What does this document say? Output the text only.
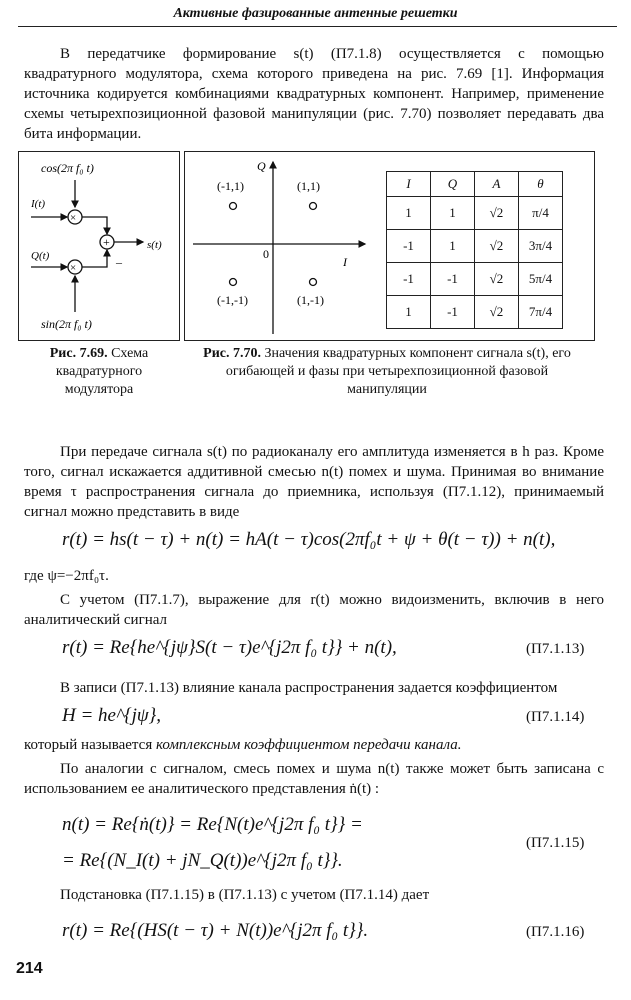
Активные фазированные антенные решетки

В передатчике формирование s(t) (П7.1.8) осуществляется с помощью квадратурного модулятора, схема которого приведена на рис. 7.69 [1]. Информация источника кодируется комбинациями квадратурных компонент. Например, применение схемы четырехпозиционной фазовой манипуляции (рис. 7.70) позволяет передавать два бита информации.

cos(2π f₀ t)
I(t)
Q(t)
sin(2π f₀ t)
s(t)
–
×
×
+
Q
I
0
(-1,1)	(1,1)
(-1,-1)	(1,-1)
I	Q	A	θ
1	1	√2	π/4
-1	1	√2	3π/4
-1	-1	√2	5π/4
1	-1	√2	7π/4
Рис. 7.69. Схема квадратурного модулятора
Рис. 7.70. Значения квадратурных компонент сигнала s(t), его огибающей и фазы при четырехпозиционной фазовой манипуляции

При передаче сигнала s(t) по радиоканалу его амплитуда изменяется в h раз. Кроме того, сигнал искажается аддитивной смесью n(t) помех и шума. Принимая во внимание время τ распространения сигнала до приемника, используя (П7.1.12), принимаемый сигнал можно представить в виде

r(t) = hs(t − τ) + n(t) = hA(t − τ)cos(2πf₀t + ψ + θ(t − τ)) + n(t),

где ψ=−2πf₀τ.

С учетом (П7.1.7), выражение для r(t) можно видоизменить, включив в него аналитический сигнал

r(t) = Re{he^{jψ}S(t − τ)e^{j2π f₀ t}} + n(t),	(П7.1.13)

В записи (П7.1.13) влияние канала распространения задается коэффициентом

H = he^{jψ},	(П7.1.14)

который называется комплексным коэффициентом передачи канала.

По аналогии с сигналом, смесь помех и шума n(t) также может быть записана с использованием ее аналитического представления ṅ(t) :

n(t) = Re{ṅ(t)} = Re{N(t)e^{j2π f₀ t}} =
= Re{(N_I(t) + jN_Q(t))e^{j2π f₀ t}}.
(П7.1.15)

Подстановка (П7.1.15) в (П7.1.13) с учетом (П7.1.14) дает

r(t) = Re{(HS(t − τ) + N(t))e^{j2π f₀ t}}.	(П7.1.16)
214
